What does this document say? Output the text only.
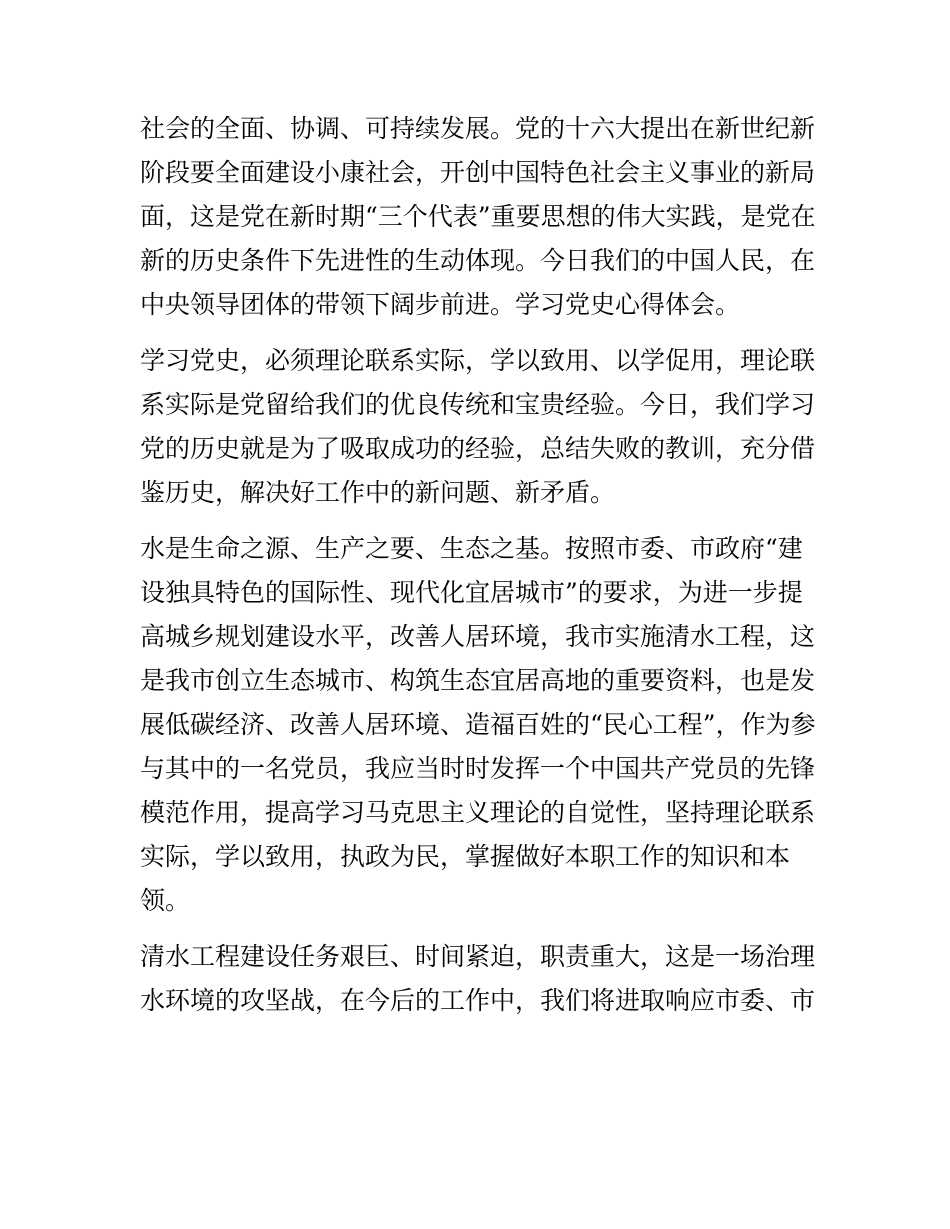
社会的全面、协调、可持续发展。党的十六大提出在新世纪新
阶段要全面建设小康社会，开创中国特色社会主义事业的新局
面，这是党在新时期“三个代表”重要思想的伟大实践，是党在
新的历史条件下先进性的生动体现。今日我们的中国人民，在
中央领导团体的带领下阔步前进。学习党史心得体会。

学习党史，必须理论联系实际，学以致用、以学促用，理论联
系实际是党留给我们的优良传统和宝贵经验。今日，我们学习
党的历史就是为了吸取成功的经验，总结失败的教训，充分借
鉴历史，解决好工作中的新问题、新矛盾。

水是生命之源、生产之要、生态之基。按照市委、市政府“建
设独具特色的国际性、现代化宜居城市”的要求，为进一步提
高城乡规划建设水平，改善人居环境，我市实施清水工程，这
是我市创立生态城市、构筑生态宜居高地的重要资料，也是发
展低碳经济、改善人居环境、造福百姓的“民心工程”，作为参
与其中的一名党员，我应当时时发挥一个中国共产党员的先锋
模范作用，提高学习马克思主义理论的自觉性，坚持理论联系
实际，学以致用，执政为民，掌握做好本职工作的知识和本
领。

清水工程建设任务艰巨、时间紧迫，职责重大，这是一场治理
水环境的攻坚战，在今后的工作中，我们将进取响应市委、市
